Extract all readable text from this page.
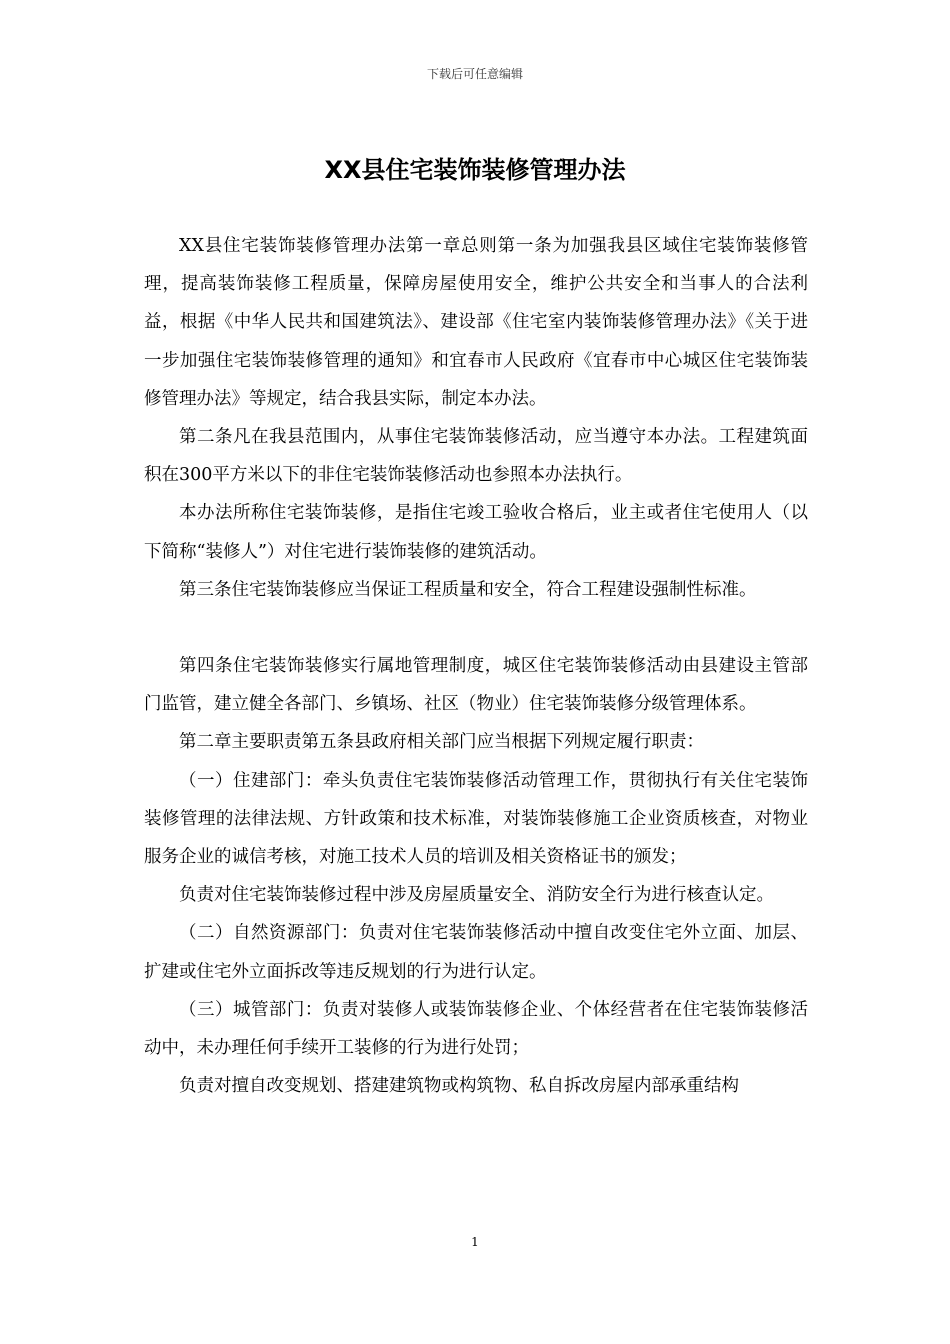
下载后可任意编辑
XX县住宅装饰装修管理办法

XX县住宅装饰装修管理办法第一章总则第一条为加强我县区域住宅装饰装修管理，提高装饰装修工程质量，保障房屋使用安全，维护公共安全和当事人的合法利益，根据《中华人民共和国建筑法》、建设部《住宅室内装饰装修管理办法》《关于进一步加强住宅装饰装修管理的通知》和宜春市人民政府《宜春市中心城区住宅装饰装修管理办法》等规定，结合我县实际，制定本办法。

第二条凡在我县范围内，从事住宅装饰装修活动，应当遵守本办法。工程建筑面积在300平方米以下的非住宅装饰装修活动也参照本办法执行。

本办法所称住宅装饰装修，是指住宅竣工验收合格后，业主或者住宅使用人（以下简称“装修人”）对住宅进行装饰装修的建筑活动。

第三条住宅装饰装修应当保证工程质量和安全，符合工程建设强制性标准。

第四条住宅装饰装修实行属地管理制度，城区住宅装饰装修活动由县建设主管部门监管，建立健全各部门、乡镇场、社区（物业）住宅装饰装修分级管理体系。

第二章主要职责第五条县政府相关部门应当根据下列规定履行职责：

（一）住建部门：牵头负责住宅装饰装修活动管理工作，贯彻执行有关住宅装饰装修管理的法律法规、方针政策和技术标准，对装饰装修施工企业资质核查，对物业服务企业的诚信考核，对施工技术人员的培训及相关资格证书的颁发；

负责对住宅装饰装修过程中涉及房屋质量安全、消防安全行为进行核查认定。

（二）自然资源部门：负责对住宅装饰装修活动中擅自改变住宅外立面、加层、扩建或住宅外立面拆改等违反规划的行为进行认定。

（三）城管部门：负责对装修人或装饰装修企业、个体经营者在住宅装饰装修活动中，未办理任何手续开工装修的行为进行处罚；

负责对擅自改变规划、搭建建筑物或构筑物、私自拆改房屋内部承重结构

1
